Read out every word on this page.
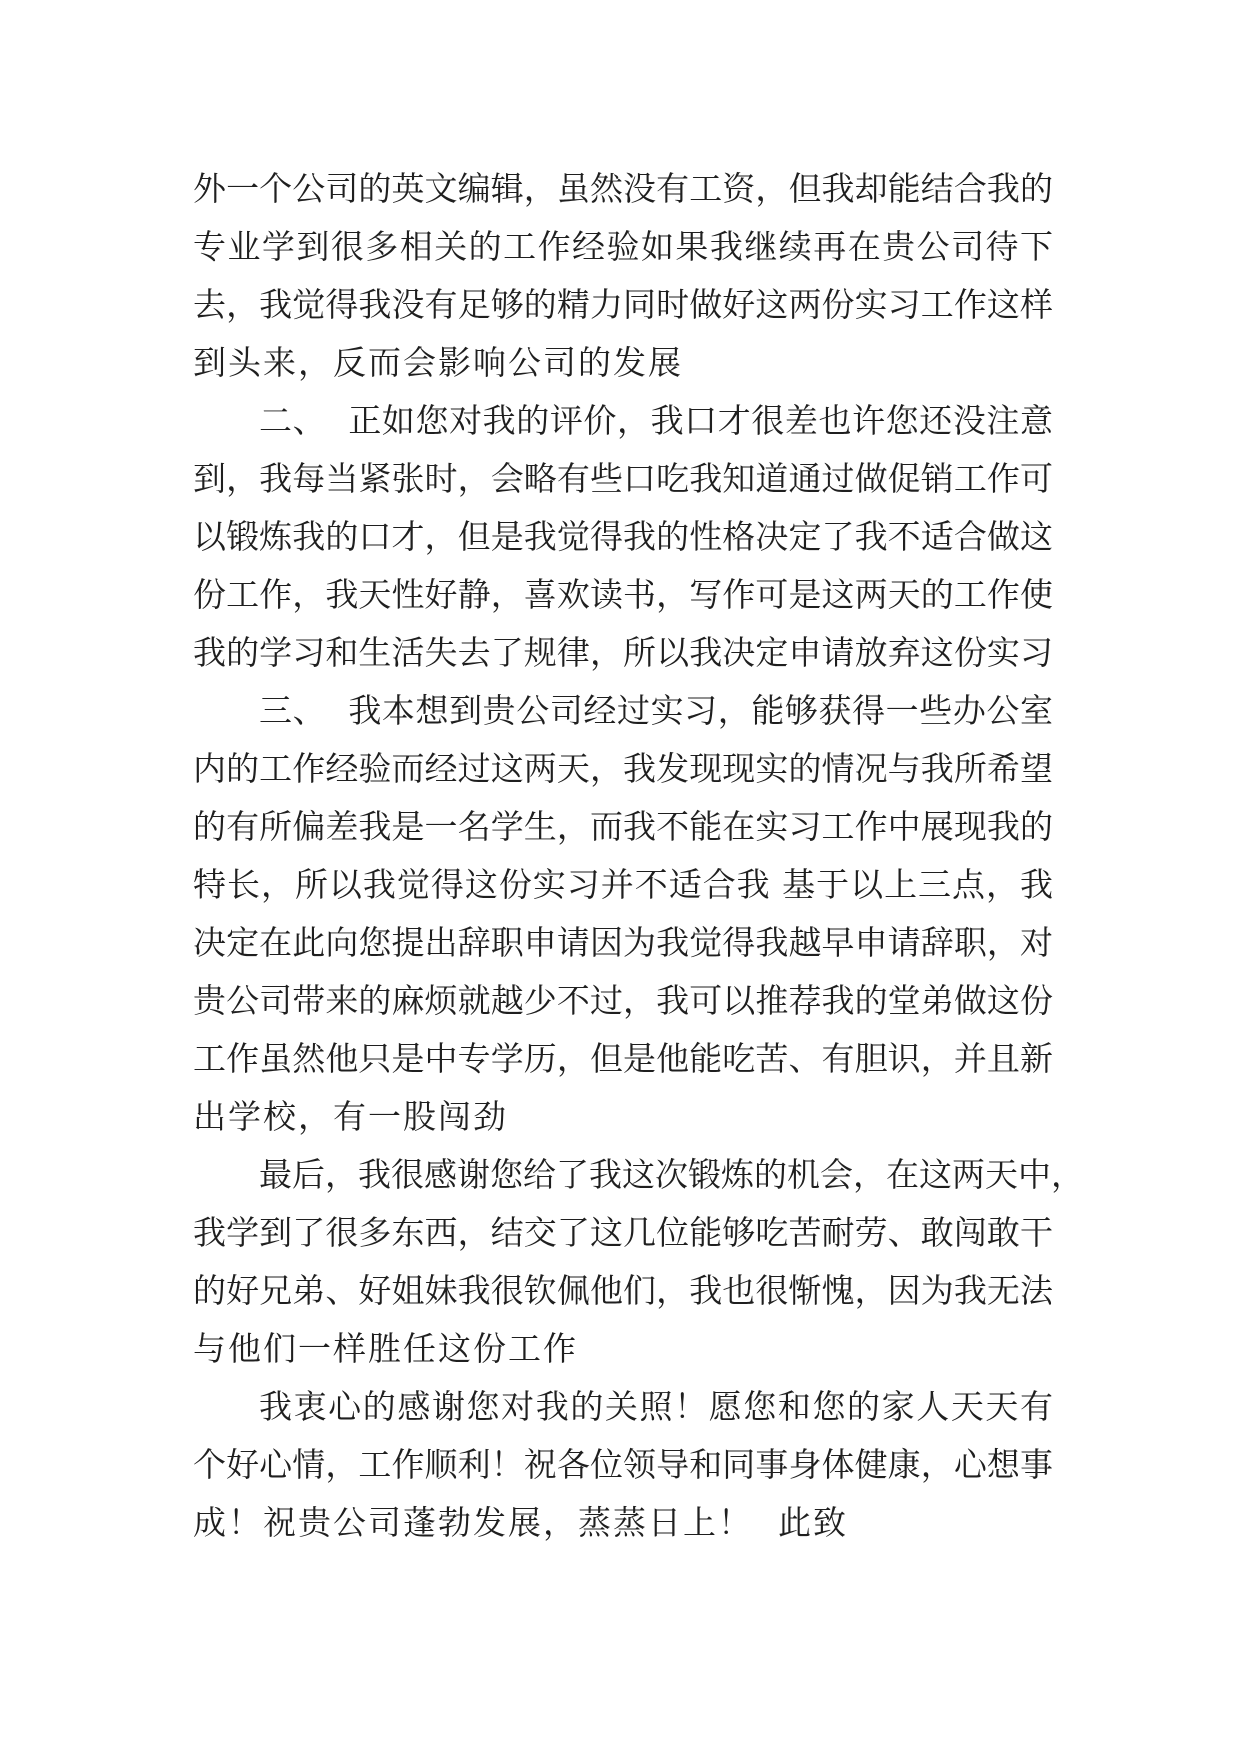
外一个公司的英文编辑，虽然没有工资，但我却能结合我的
专业学到很多相关的工作经验如果我继续再在贵公司待下
去，我觉得我没有足够的精力同时做好这两份实习工作这样
到头来，反而会影响公司的发展
二、  正如您对我的评价，我口才很差也许您还没注意
到，我每当紧张时，会略有些口吃我知道通过做促销工作可
以锻炼我的口才，但是我觉得我的性格决定了我不适合做这
份工作，我天性好静，喜欢读书，写作可是这两天的工作使
我的学习和生活失去了规律，所以我决定申请放弃这份实习
三、  我本想到贵公司经过实习，能够获得一些办公室
内的工作经验而经过这两天，我发现现实的情况与我所希望
的有所偏差我是一名学生，而我不能在实习工作中展现我的
特长，所以我觉得这份实习并不适合我 基于以上三点，我
决定在此向您提出辞职申请因为我觉得我越早申请辞职，对
贵公司带来的麻烦就越少不过，我可以推荐我的堂弟做这份
工作虽然他只是中专学历，但是他能吃苦、有胆识，并且新
出学校，有一股闯劲
最后，我很感谢您给了我这次锻炼的机会，在这两天中，
我学到了很多东西，结交了这几位能够吃苦耐劳、敢闯敢干
的好兄弟、好姐妹我很钦佩他们，我也很惭愧，因为我无法
与他们一样胜任这份工作
我衷心的感谢您对我的关照！愿您和您的家人天天有
个好心情，工作顺利！祝各位领导和同事身体健康，心想事
成！祝贵公司蓬勃发展，蒸蒸日上！  此致
